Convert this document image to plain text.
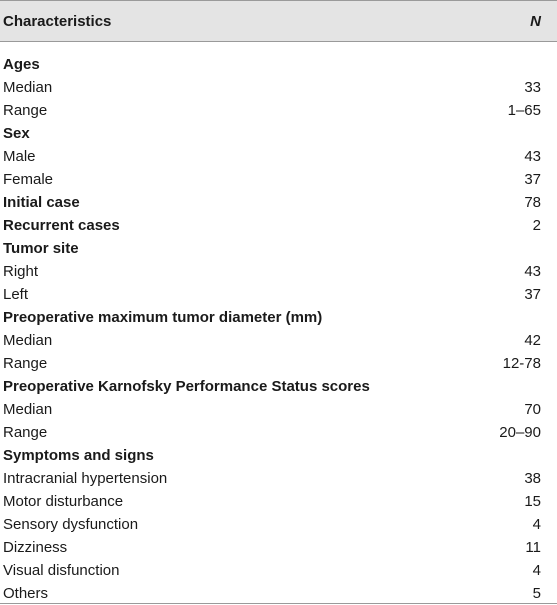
Characteristics	N
Ages
Median	33
Range	1–65
Sex
Male	43
Female	37
Initial case	78
Recurrent cases	2
Tumor site
Right	43
Left	37
Preoperative maximum tumor diameter (mm)
Median	42
Range	12-78
Preoperative Karnofsky Performance Status scores
Median	70
Range	20–90
Symptoms and signs
Intracranial hypertension	38
Motor disturbance	15
Sensory dysfunction	4
Dizziness	11
Visual disfunction	4
Others	5
